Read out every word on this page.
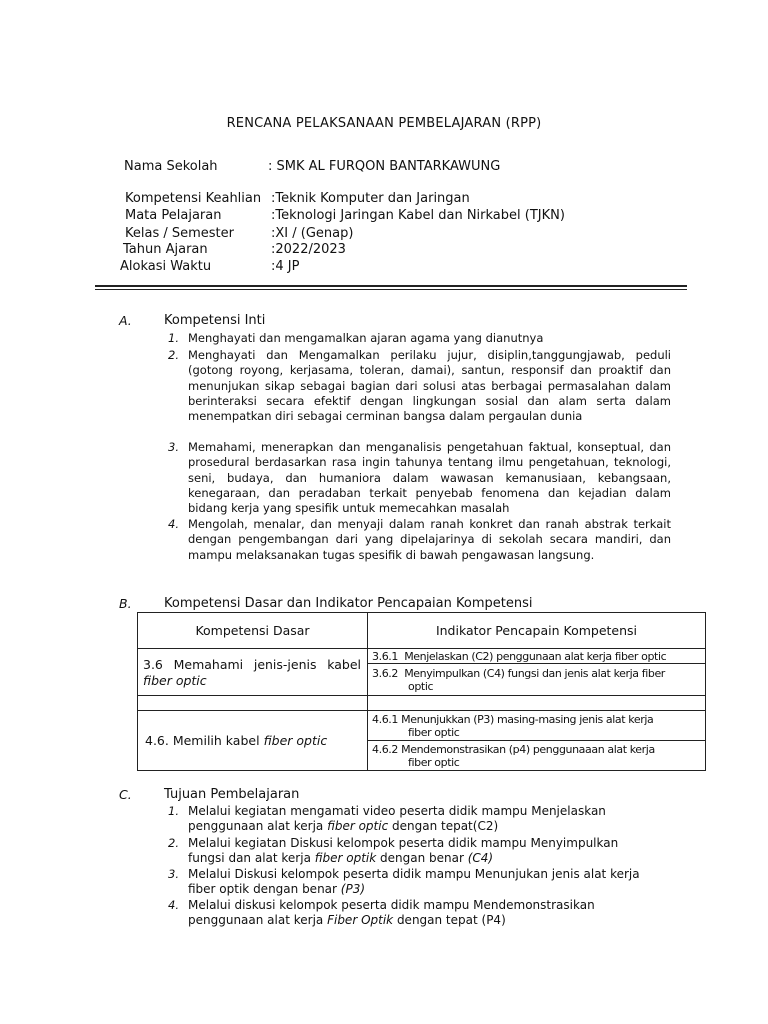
RENCANA PELAKSANAAN PEMBELAJARAN (RPP)
Nama Sekolah	: SMK AL FURQON BANTARKAWUNG
Kompetensi Keahlian :Teknik Komputer dan Jaringan
Mata Pelajaran	:Teknologi Jaringan Kabel dan Nirkabel (TJKN)
Kelas / Semester	:XI / (Genap)
Tahun Ajaran	:2022/2023
Alokasi Waktu	:4 JP
A. Kompetensi Inti
1. Menghayati dan mengamalkan ajaran agama yang dianutnya
2. Menghayati dan Mengamalkan perilaku jujur, disiplin,tanggungjawab, peduli (gotong royong, kerjasama, toleran, damai), santun, responsif dan proaktif dan menunjukan sikap sebagai bagian dari solusi atas berbagai permasalahan dalam berinteraksi secara efektif dengan lingkungan sosial dan alam serta dalam menempatkan diri sebagai cerminan bangsa dalam pergaulan dunia
3. Memahami, menerapkan dan menganalisis pengetahuan faktual, konseptual, dan prosedural berdasarkan rasa ingin tahunya tentang ilmu pengetahuan, teknologi, seni, budaya, dan humaniora dalam wawasan kemanusiaan, kebangsaan, kenegaraan, dan peradaban terkait penyebab fenomena dan kejadian dalam bidang kerja yang spesifik untuk memecahkan masalah
4. Mengolah, menalar, dan menyaji dalam ranah konkret dan ranah abstrak terkait dengan pengembangan dari yang dipelajarinya di sekolah secara mandiri, dan mampu melaksanakan tugas spesifik di bawah pengawasan langsung.
B. Kompetensi Dasar dan Indikator Pencapaian Kompetensi
Kompetensi Dasar	Indikator Pencapain Kompetensi

3.6 Memahami jenis-jenis kabel
fiber optic	3.6.1 Menjelaskan (C2) penggunaan alat kerja fiber optic

	3.6.2 Menyimpulkan (C4) fungsi dan jenis alat kerja fiber
optic

4.6. Memilih kabel fiber optic	4.6.1 Menunjukkan (P3) masing-masing jenis alat kerja
fiber optic

	4.6.2 Mendemonstrasikan (p4) penggunaaan alat kerja
fiber optic
C. Tujuan Pembelajaran
1. Melalui kegiatan mengamati video peserta didik mampu Menjelaskan
penggunaan alat kerja fiber optic dengan tepat(C2)
2. Melalui kegiatan Diskusi kelompok peserta didik mampu Menyimpulkan
fungsi dan alat kerja fiber optik dengan benar (C4)
3. Melalui Diskusi kelompok peserta didik mampu Menunjukan jenis alat kerja
fiber optik dengan benar (P3)
4. Melalui diskusi kelompok peserta didik mampu Mendemonstrasikan
penggunaan alat kerja Fiber Optik dengan tepat (P4)
